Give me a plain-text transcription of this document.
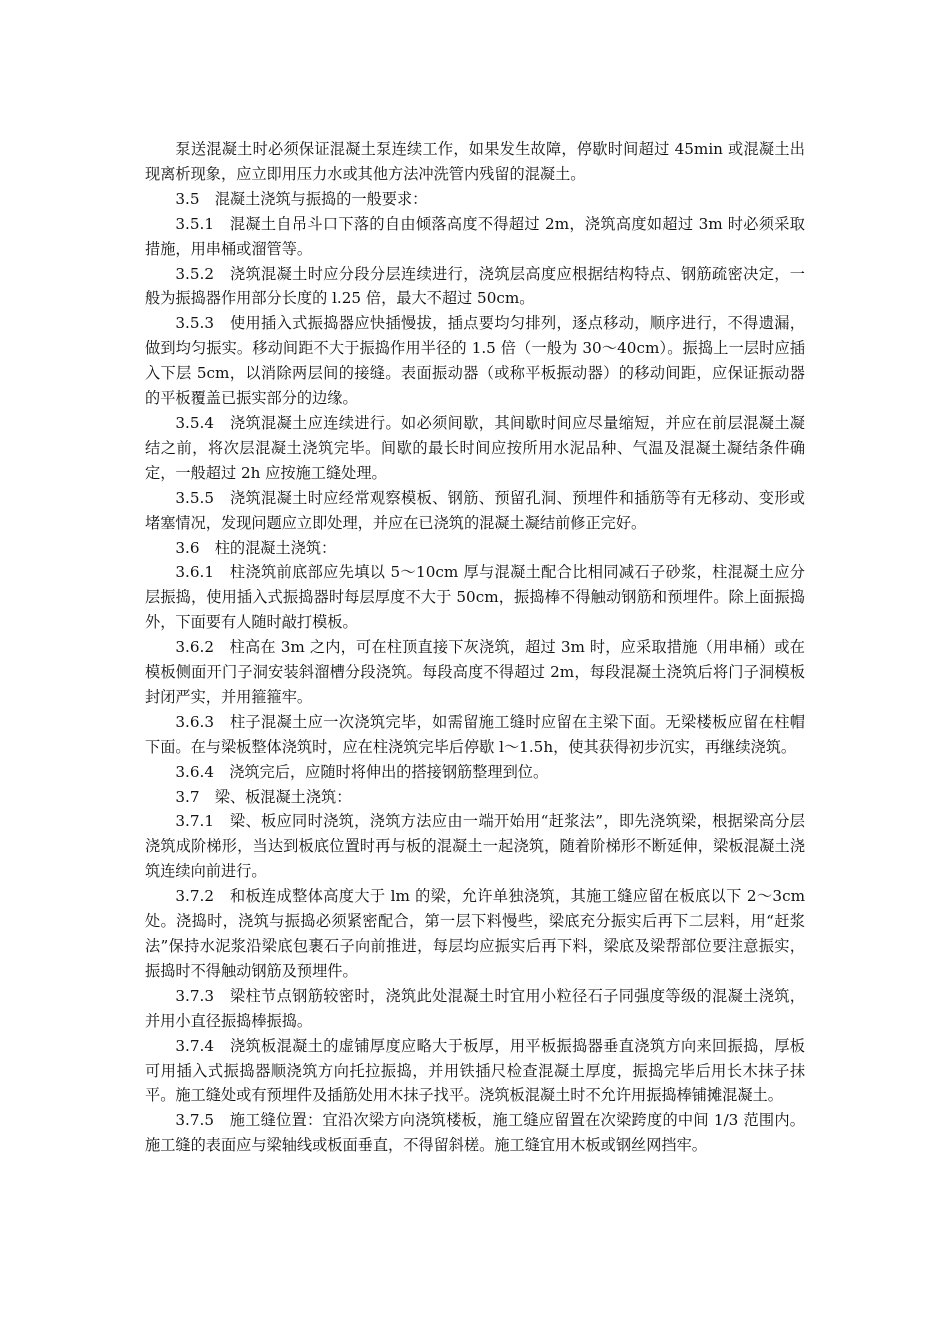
泵送混凝土时必须保证混凝土泵连续工作，如果发生故障，停歇时间超过 45min 或混凝土出现离析现象，应立即用压力水或其他方法冲洗管内残留的混凝土。

3.5　混凝土浇筑与振捣的一般要求：

3.5.1　混凝土自吊斗口下落的自由倾落高度不得超过 2m，浇筑高度如超过 3m 时必须采取措施，用串桶或溜管等。

3.5.2　浇筑混凝土时应分段分层连续进行，浇筑层高度应根据结构特点、钢筋疏密决定，一般为振捣器作用部分长度的 l.25 倍，最大不超过 50cm。

3.5.3　使用插入式振捣器应快插慢拔，插点要均匀排列，逐点移动，顺序进行，不得遗漏，做到均匀振实。移动间距不大于振捣作用半径的 1.5 倍（一般为 30～40cm）。振捣上一层时应插入下层 5cm，以消除两层间的接缝。表面振动器（或称平板振动器）的移动间距，应保证振动器的平板覆盖已振实部分的边缘。

3.5.4　浇筑混凝土应连续进行。如必须间歇，其间歇时间应尽量缩短，并应在前层混凝土凝结之前，将次层混凝土浇筑完毕。间歇的最长时间应按所用水泥品种、气温及混凝土凝结条件确定，一般超过 2h 应按施工缝处理。

3.5.5　浇筑混凝土时应经常观察模板、钢筋、预留孔洞、预埋件和插筋等有无移动、变形或堵塞情况，发现问题应立即处理，并应在已浇筑的混凝土凝结前修正完好。

3.6　柱的混凝土浇筑：

3.6.1　柱浇筑前底部应先填以 5～10cm 厚与混凝土配合比相同减石子砂浆，柱混凝土应分层振捣，使用插入式振捣器时每层厚度不大于 50cm，振捣棒不得触动钢筋和预埋件。除上面振捣外，下面要有人随时敲打模板。

3.6.2　柱高在 3m 之内，可在柱顶直接下灰浇筑，超过 3m 时，应采取措施（用串桶）或在模板侧面开门子洞安装斜溜槽分段浇筑。每段高度不得超过 2m，每段混凝土浇筑后将门子洞模板封闭严实，并用箍箍牢。

3.6.3　柱子混凝土应一次浇筑完毕，如需留施工缝时应留在主梁下面。无梁楼板应留在柱帽下面。在与梁板整体浇筑时，应在柱浇筑完毕后停歇 l～1.5h，使其获得初步沉实，再继续浇筑。

3.6.4　浇筑完后，应随时将伸出的搭接钢筋整理到位。

3.7　梁、板混凝土浇筑：

3.7.1　梁、板应同时浇筑，浇筑方法应由一端开始用“赶浆法”，即先浇筑梁，根据梁高分层浇筑成阶梯形，当达到板底位置时再与板的混凝土一起浇筑，随着阶梯形不断延伸，梁板混凝土浇筑连续向前进行。

3.7.2　和板连成整体高度大于 lm 的梁，允许单独浇筑，其施工缝应留在板底以下 2～3cm 处。浇捣时，浇筑与振捣必须紧密配合，第一层下料慢些，梁底充分振实后再下二层料，用“赶浆法”保持水泥浆沿梁底包裹石子向前推进，每层均应振实后再下料，梁底及梁帮部位要注意振实，振捣时不得触动钢筋及预埋件。

3.7.3　梁柱节点钢筋较密时，浇筑此处混凝土时宜用小粒径石子同强度等级的混凝土浇筑，并用小直径振捣棒振捣。

3.7.4　浇筑板混凝土的虚铺厚度应略大于板厚，用平板振捣器垂直浇筑方向来回振捣，厚板可用插入式振捣器顺浇筑方向托拉振捣，并用铁插尺检查混凝土厚度，振捣完毕后用长木抹子抹平。施工缝处或有预埋件及插筋处用木抹子找平。浇筑板混凝土时不允许用振捣棒铺摊混凝土。

3.7.5　施工缝位置：宜沿次梁方向浇筑楼板，施工缝应留置在次梁跨度的中间 1/3 范围内。施工缝的表面应与梁轴线或板面垂直，不得留斜槎。施工缝宜用木板或钢丝网挡牢。
